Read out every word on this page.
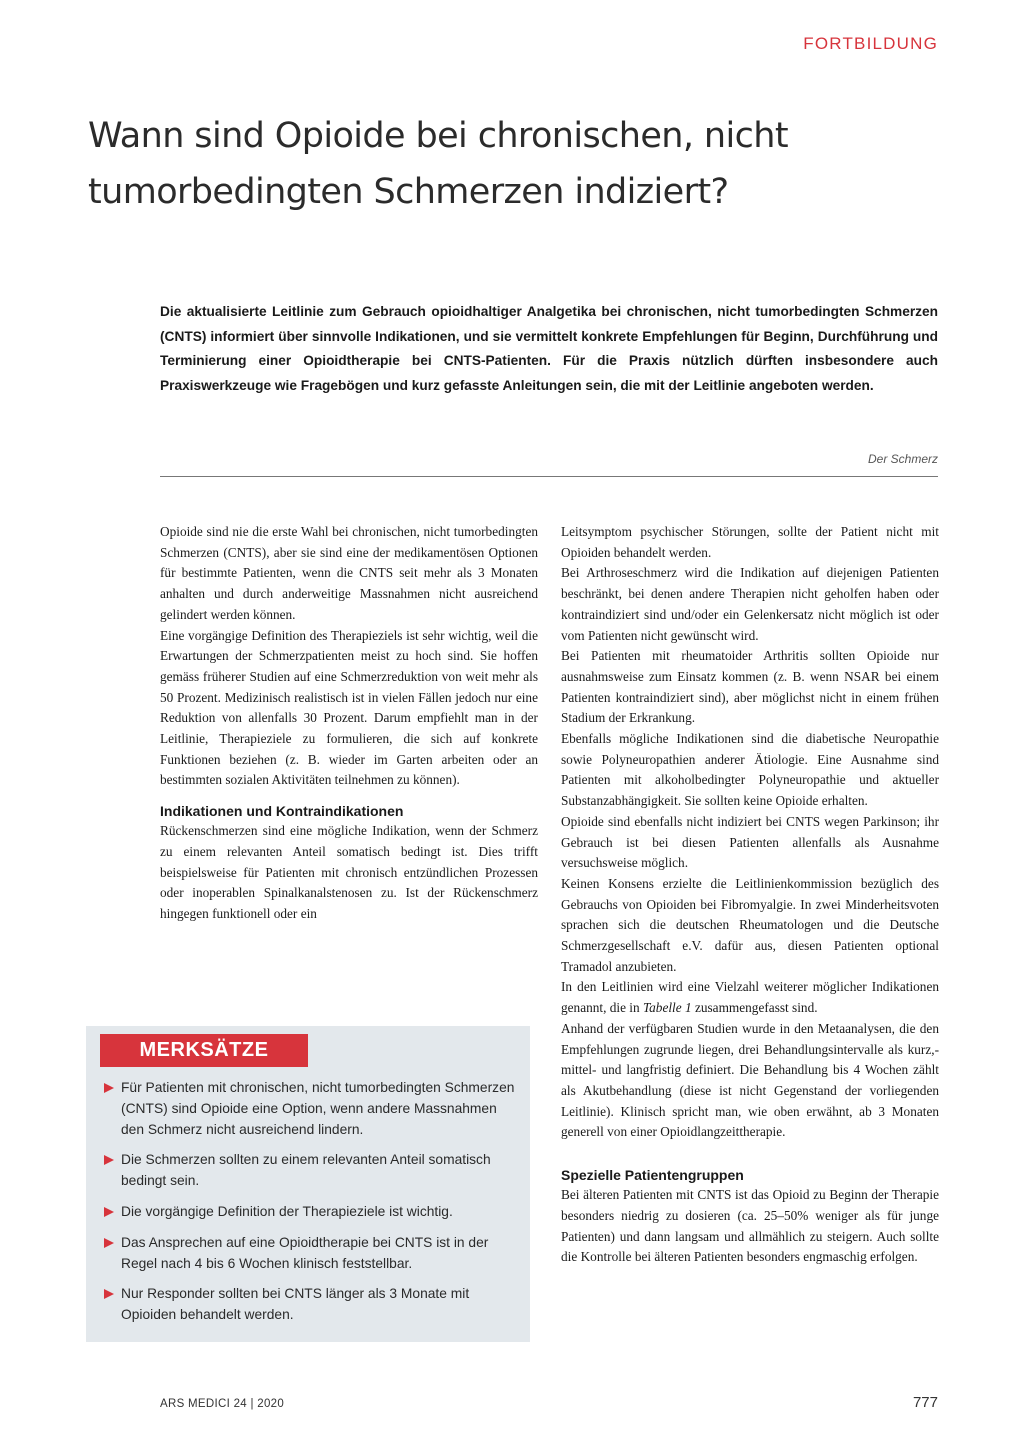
FORTBILDUNG
Wann sind Opioide bei chronischen, nicht
tumorbedingten Schmerzen indiziert?

Die aktualisierte Leitlinie zum Gebrauch opioidhaltiger Analgetika bei chronischen, nicht tumorbedingten Schmerzen (CNTS) informiert über sinnvolle Indikationen, und sie vermittelt konkrete Empfehlungen für Beginn, Durchführung und Terminierung einer Opioidtherapie bei CNTS-Patienten. Für die Praxis nützlich dürften insbesondere auch Praxiswerkzeuge wie Fragebögen und kurz gefasste Anleitungen sein, die mit der Leitlinie angeboten werden.

Der Schmerz

Opioide sind nie die erste Wahl bei chronischen, nicht tumorbedingten Schmerzen (CNTS), aber sie sind eine der medikamentösen Optionen für bestimmte Patienten, wenn die CNTS seit mehr als 3 Monaten anhalten und durch anderweitige Massnahmen nicht ausreichend gelindert werden können.

Eine vorgängige Definition des Therapieziels ist sehr wichtig, weil die Erwartungen der Schmerzpatienten meist zu hoch sind. Sie hoffen gemäss früherer Studien auf eine Schmerzreduktion von weit mehr als 50 Prozent. Medizinisch realistisch ist in vielen Fällen jedoch nur eine Reduktion von allenfalls 30 Prozent. Darum empfiehlt man in der Leitlinie, Therapieziele zu formulieren, die sich auf konkrete Funktionen beziehen (z. B. wieder im Garten arbeiten oder an bestimmten sozialen Aktivitäten teilnehmen zu können).

Indikationen und Kontraindikationen

Rückenschmerzen sind eine mögliche Indikation, wenn der Schmerz zu einem relevanten Anteil somatisch bedingt ist. Dies trifft beispielsweise für Patienten mit chronisch entzündlichen Prozessen oder inoperablen Spinalkanalstenosen zu. Ist der Rückenschmerz hingegen funktionell oder ein

Leitsymptom psychischer Störungen, sollte der Patient nicht mit Opioiden behandelt werden.

Bei Arthroseschmerz wird die Indikation auf diejenigen Patienten beschränkt, bei denen andere Therapien nicht geholfen haben oder kontraindiziert sind und/oder ein Gelenkersatz nicht möglich ist oder vom Patienten nicht gewünscht wird.

Bei Patienten mit rheumatoider Arthritis sollten Opioide nur ausnahmsweise zum Einsatz kommen (z. B. wenn NSAR bei einem Patienten kontraindiziert sind), aber möglichst nicht in einem frühen Stadium der Erkrankung.

Ebenfalls mögliche Indikationen sind die diabetische Neuropathie sowie Polyneuropathien anderer Ätiologie. Eine Ausnahme sind Patienten mit alkoholbedingter Polyneuropathie und aktueller Substanzabhängigkeit. Sie sollten keine Opioide erhalten.

Opioide sind ebenfalls nicht indiziert bei CNTS wegen Parkinson; ihr Gebrauch ist bei diesen Patienten allenfalls als Ausnahme versuchsweise möglich.

Keinen Konsens erzielte die Leitlinienkommission bezüglich des Gebrauchs von Opioiden bei Fibromyalgie. In zwei Minderheitsvoten sprachen sich die deutschen Rheumatologen und die Deutsche Schmerzgesellschaft e.V. dafür aus, diesen Patienten optional Tramadol anzubieten.

In den Leitlinien wird eine Vielzahl weiterer möglicher Indikationen genannt, die in Tabelle 1 zusammengefasst sind.

Anhand der verfügbaren Studien wurde in den Metaanalysen, die den Empfehlungen zugrunde liegen, drei Behandlungsintervalle als kurz,- mittel- und langfristig definiert. Die Behandlung bis 4 Wochen zählt als Akutbehandlung (diese ist nicht Gegenstand der vorliegenden Leitlinie). Klinisch spricht man, wie oben erwähnt, ab 3 Monaten generell von einer Opioidlangzeittherapie.

Spezielle Patientengruppen

Bei älteren Patienten mit CNTS ist das Opioid zu Beginn der Therapie besonders niedrig zu dosieren (ca. 25–50% weniger als für junge Patienten) und dann langsam und allmählich zu steigern. Auch sollte die Kontrolle bei älteren Patienten besonders engmaschig erfolgen.

MERKSÄTZE
Für Patienten mit chronischen, nicht tumorbedingten Schmerzen (CNTS) sind Opioide eine Option, wenn andere Massnahmen den Schmerz nicht ausreichend lindern.
Die Schmerzen sollten zu einem relevanten Anteil somatisch bedingt sein.
Die vorgängige Definition der Therapieziele ist wichtig.
Das Ansprechen auf eine Opioidtherapie bei CNTS ist in der Regel nach 4 bis 6 Wochen klinisch feststellbar.
Nur Responder sollten bei CNTS länger als 3 Monate mit Opioiden behandelt werden.
ARS MEDICI 24 | 2020	777
